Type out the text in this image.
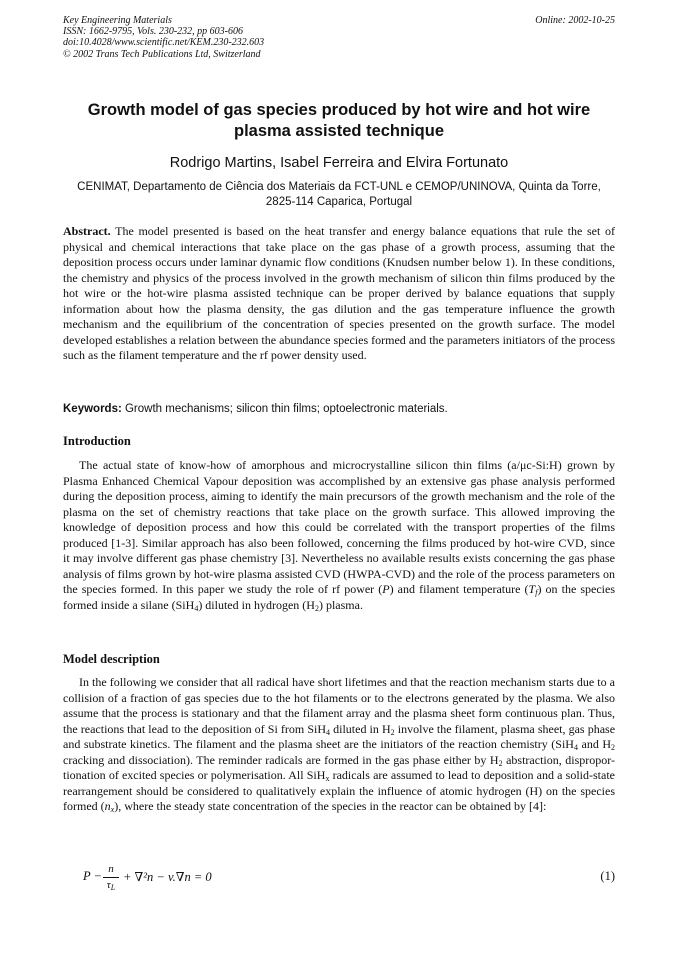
Key Engineering Materials
ISSN: 1662-9795, Vols. 230-232, pp 603-606
doi:10.4028/www.scientific.net/KEM.230-232.603
© 2002 Trans Tech Publications Ltd, Switzerland
Online: 2002-10-25
Growth model of gas species produced by hot wire and hot wire plasma assisted technique
Rodrigo Martins, Isabel Ferreira and Elvira Fortunato
CENIMAT, Departamento de Ciência dos Materiais da FCT-UNL e CEMOP/UNINOVA, Quinta da Torre, 2825-114 Caparica, Portugal
Abstract. The model presented is based on the heat transfer and energy balance equations that rule the set of physical and chemical interactions that take place on the gas phase of a growth process, assuming that the deposition process occurs under laminar dynamic flow conditions (Knudsen number below 1). In these conditions, the chemistry and physics of the process involved in the growth mechanism of silicon thin films produced by the hot wire or the hot-wire plasma assisted technique can be proper derived by balance equations that supply information about how the plasma density, the gas dilution and the gas temperature influence the growth mechanism and the equilibrium of the concentration of species presented on the growth surface. The model developed establishes a relation between the abundance species formed and the parameters initiators of the process such as the filament temperature and the rf power density used.
Keywords: Growth mechanisms; silicon thin films; optoelectronic materials.
Introduction

The actual state of know-how of amorphous and microcrystalline silicon thin films (a/μc-Si:H) grown by Plasma Enhanced Chemical Vapour deposition was accomplished by an extensive gas phase analysis performed during the deposition process, aiming to identify the main precursors of the growth mechanism and the role of the plasma on the set of chemistry reactions that take place on the growth surface. This allowed improving the knowledge of deposition process and how this could be correlated with the transport properties of the films produced [1-3]. Similar approach has also been followed, concerning the films produced by hot-wire CVD, since it may involve different gas phase chemistry [3]. Nevertheless no available results exists concerning the gas phase analysis of films grown by hot-wire plasma assisted CVD (HWPA-CVD) and the role of the process parameters on the species formed. In this paper we study the role of rf power (P) and filament temperature $(T_f)$ on the species formed inside a silane (SiH$_4$) diluted in hydrogen $(H_2)$ plasma.

Model description

In the following we consider that all radical have short lifetimes and that the reaction mechanism starts due to a collision of a fraction of gas species due to the hot filaments or to the electrons generated by the plasma. We also assume that the process is stationary and that the filament array and the plasma sheet form continuous plan. Thus, the reactions that lead to the deposition of Si from SiH$_4$ diluted in $H_2$ involve the filament, plasma sheet, gas phase and substrate kinetics. The filament and the plasma sheet are the initiators of the reaction chemistry (SiH$_4$ and $H_2$ cracking and dissociation). The reminder radicals are formed in the gas phase either by $H_2$ abstraction, dispropor-tionation of excited species or polymerisation. All SiH$_x$ radicals are assumed to lead to deposition and a solid-state rearrangement should be considered to qualitatively explain the influence of atomic hydrogen (H) on the species formed $(n_x)$, where the steady state concentration of the species in the reactor can be obtained by [4]:

P − n
$\tau_L$
+ ∇²n − v.∇n = 0	(1)
